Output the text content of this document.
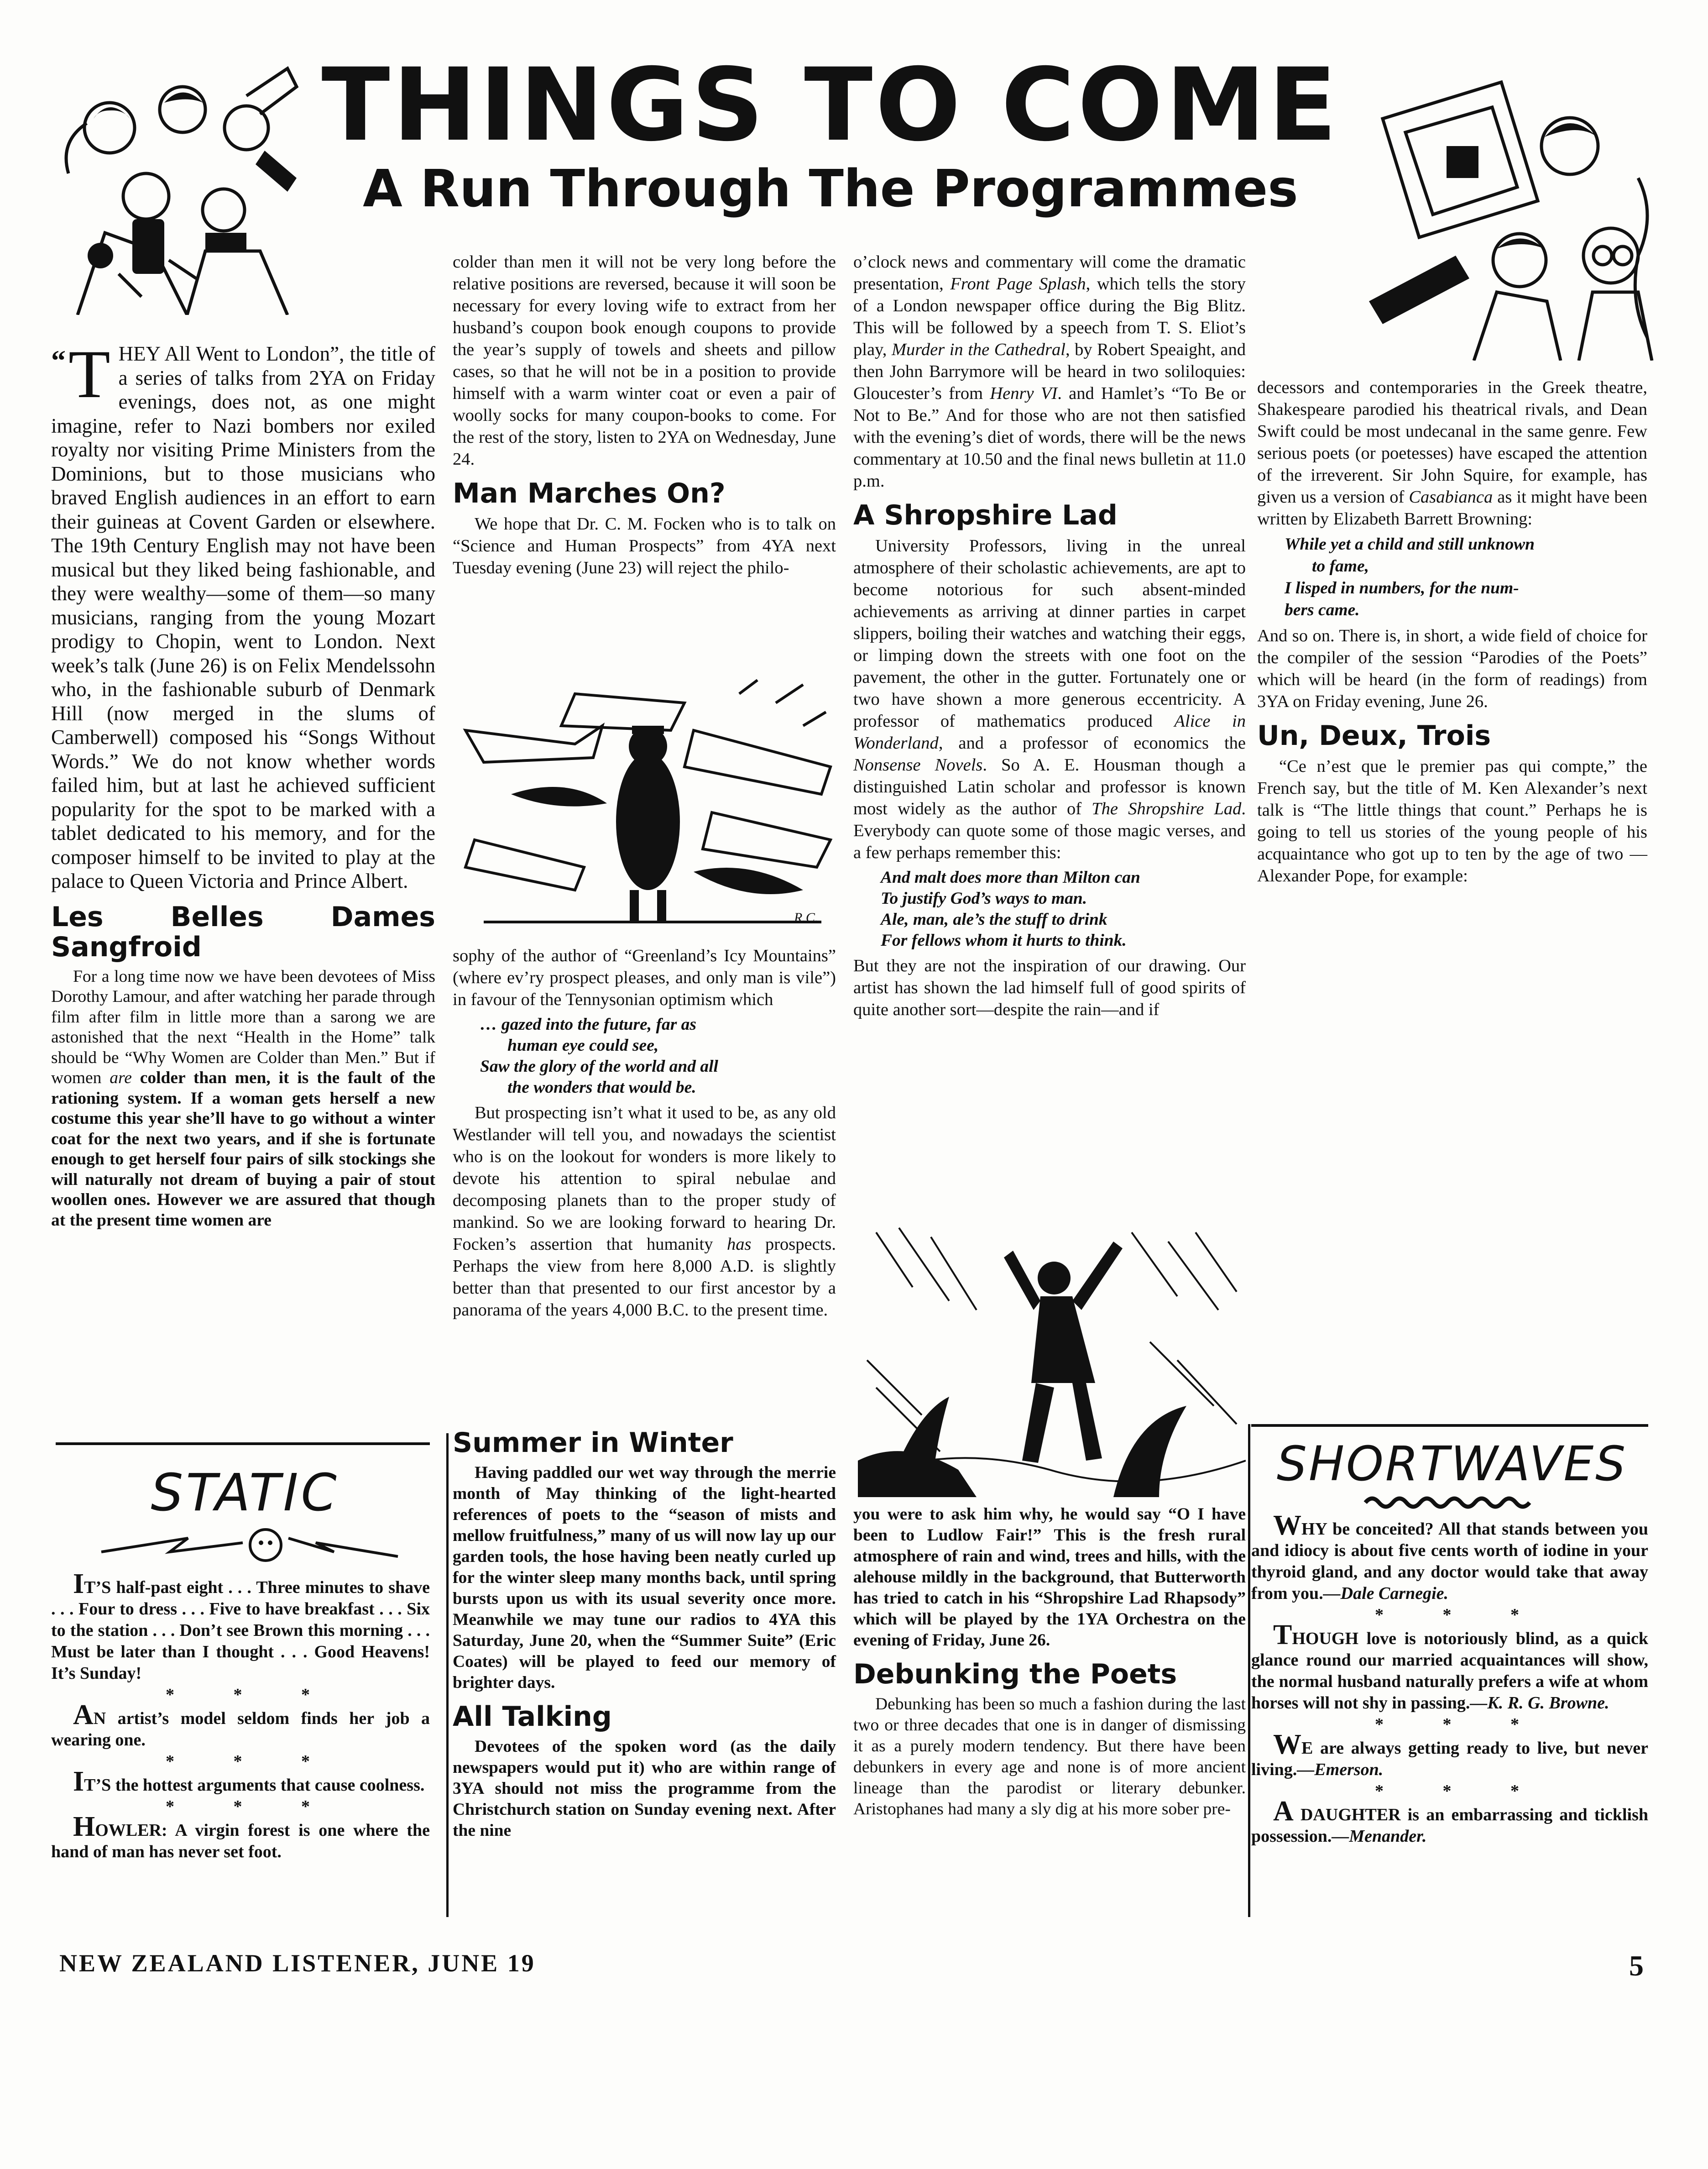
THINGS TO COME
A Run Through The Programmes

“ T HEY All Went to London”, the title of a series of talks from 2YA on Friday evenings, does not, as one might imagine, refer to Nazi bombers nor exiled royalty nor visiting Prime Ministers from the Dominions, but to those musicians who braved English audiences in an effort to earn their guineas at Covent Garden or elsewhere. The 19th Century English may not have been musical but they liked being fashionable, and they were wealthy—some of them—so many musicians, ranging from the young Mozart prodigy to Chopin, went to London. Next week’s talk (June 26) is on Felix Mendelssohn who, in the fashionable suburb of Denmark Hill (now merged in the slums of Camberwell) composed his “Songs Without Words.” We do not know whether words failed him, but at last he achieved sufficient popularity for the spot to be marked with a tablet dedicated to his memory, and for the composer himself to be invited to play at the palace to Queen Victoria and Prince Albert.

Les Belles Dames Sangfroid

For a long time now we have been devotees of Miss Dorothy Lamour, and after watching her parade through film after film in little more than a sarong we are astonished that the next “Health in the Home” talk should be “Why Women are Colder than Men.” But if women are colder than men, it is the fault of the rationing system. If a woman gets herself a new costume this year she’ll have to go without a winter coat for the next two years, and if she is fortunate enough to get herself four pairs of silk stockings she will naturally not dream of buying a pair of stout woollen ones. However we are assured that though at the present time women are

colder than men it will not be very long before the relative positions are reversed, because it will soon be necessary for every loving wife to extract from her husband’s coupon book enough coupons to provide the year’s supply of towels and sheets and pillow cases, so that he will not be in a position to provide himself with a warm winter coat or even a pair of woolly socks for many coupon-books to come. For the rest of the story, listen to 2YA on Wednesday, June 24.

Man Marches On?

We hope that Dr. C. M. Focken who is to talk on “Science and Human Prospects” from 4YA next Tuesday evening (June 23) will reject the philo-

R.C.

sophy of the author of “Greenland’s Icy Mountains” (where ev’ry prospect pleases, and only man is vile”) in favour of the Tennysonian optimism which

… gazed into the future, far as
human eye could see,
Saw the glory of the world and all
the wonders that would be.

But prospecting isn’t what it used to be, as any old Westlander will tell you, and nowadays the scientist who is on the lookout for wonders is more likely to devote his attention to spiral nebulae and decomposing planets than to the proper study of mankind. So we are looking forward to hearing Dr. Focken’s assertion that humanity has prospects. Perhaps the view from here 8,000 A.D. is slightly better than that presented to our first ancestor by a panorama of the years 4,000 B.C. to the present time.

Summer in Winter

Having paddled our wet way through the merrie month of May thinking of the light-hearted references of poets to the “season of mists and mellow fruitfulness,” many of us will now lay up our garden tools, the hose having been neatly curled up for the winter sleep many months back, until spring bursts upon us with its usual severity once more. Meanwhile we may tune our radios to 4YA this Saturday, June 20, when the “Summer Suite” (Eric Coates) will be played to feed our memory of brighter days.

All Talking

Devotees of the spoken word (as the daily newspapers would put it) who are within range of 3YA should not miss the programme from the Christchurch station on Sunday evening next. After the nine

o’clock news and commentary will come the dramatic presentation, Front Page Splash, which tells the story of a London newspaper office during the Big Blitz. This will be followed by a speech from T. S. Eliot’s play, Murder in the Cathedral, by Robert Speaight, and then John Barrymore will be heard in two soliloquies: Gloucester’s from Henry VI. and Hamlet’s “To Be or Not to Be.” And for those who are not then satisfied with the evening’s diet of words, there will be the news commentary at 10.50 and the final news bulletin at 11.0 p.m.

A Shropshire Lad

University Professors, living in the unreal atmosphere of their scholastic achievements, are apt to become notorious for such absent-minded achievements as arriving at dinner parties in carpet slippers, boiling their watches and watching their eggs, or limping down the streets with one foot on the pavement, the other in the gutter. Fortunately one or two have shown a more generous eccentricity. A professor of mathematics produced Alice in Wonderland, and a professor of economics the Nonsense Novels. So A. E. Housman though a distinguished Latin scholar and professor is known most widely as the author of The Shropshire Lad. Everybody can quote some of those magic verses, and a few perhaps remember this:

And malt does more than Milton can
To justify God’s ways to man.
Ale, man, ale’s the stuff to drink
For fellows whom it hurts to think.

But they are not the inspiration of our drawing. Our artist has shown the lad himself full of good spirits of quite another sort—despite the rain—and if

you were to ask him why, he would say “O I have been to Ludlow Fair!” This is the fresh rural atmosphere of rain and wind, trees and hills, with the alehouse mildly in the background, that Butterworth has tried to catch in his “Shropshire Lad Rhapsody” which will be played by the 1YA Orchestra on the evening of Friday, June 26.

Debunking the Poets

Debunking has been so much a fashion during the last two or three decades that one is in danger of dismissing it as a purely modern tendency. But there have been debunkers in every age and none is of more ancient lineage than the parodist or literary debunker. Aristophanes had many a sly dig at his more sober pre-

decessors and contemporaries in the Greek theatre, Shakespeare parodied his theatrical rivals, and Dean Swift could be most undecanal in the same genre. Few serious poets (or poetesses) have escaped the attention of the irreverent. Sir John Squire, for example, has given us a version of Casabianca as it might have been written by Elizabeth Barrett Browning:

While yet a child and still unknown
to fame,
I lisped in numbers, for the num-
bers came.

And so on. There is, in short, a wide field of choice for the compiler of the session “Parodies of the Poets” which will be heard (in the form of readings) from 3YA on Friday evening, June 26.

Un, Deux, Trois

“Ce n’est que le premier pas qui compte,” the French say, but the title of M. Ken Alexander’s next talk is “The little things that count.” Perhaps he is going to tell us stories of the young people of his acquaintance who got up to ten by the age of two — Alexander Pope, for example:

STATIC

IT’S half-past eight . . . Three minutes to shave . . . Four to dress . . . Five to have breakfast . . . Six to the station . . . Don’t see Brown this morning . . . Must be later than I thought . . . Good Heavens! It’s Sunday!

* * *

AN artist’s model seldom finds her job a wearing one.

* * *

IT’S the hottest arguments that cause coolness.

* * *

HOWLER: A virgin forest is one where the hand of man has never set foot.

SHORTWAVES

WHY be conceited? All that stands between you and idiocy is about five cents worth of iodine in your thyroid gland, and any doctor would take that away from you.—Dale Carnegie.

* * *

THOUGH love is notoriously blind, as a quick glance round our married acquaintances will show, the normal husband naturally prefers a wife at whom horses will not shy in passing.—K. R. G. Browne.

* * *

WE are always getting ready to live, but never living.—Emerson.

* * *

A DAUGHTER is an embarrassing and ticklish possession.—Menander.

NEW ZEALAND LISTENER, JUNE 19	5
